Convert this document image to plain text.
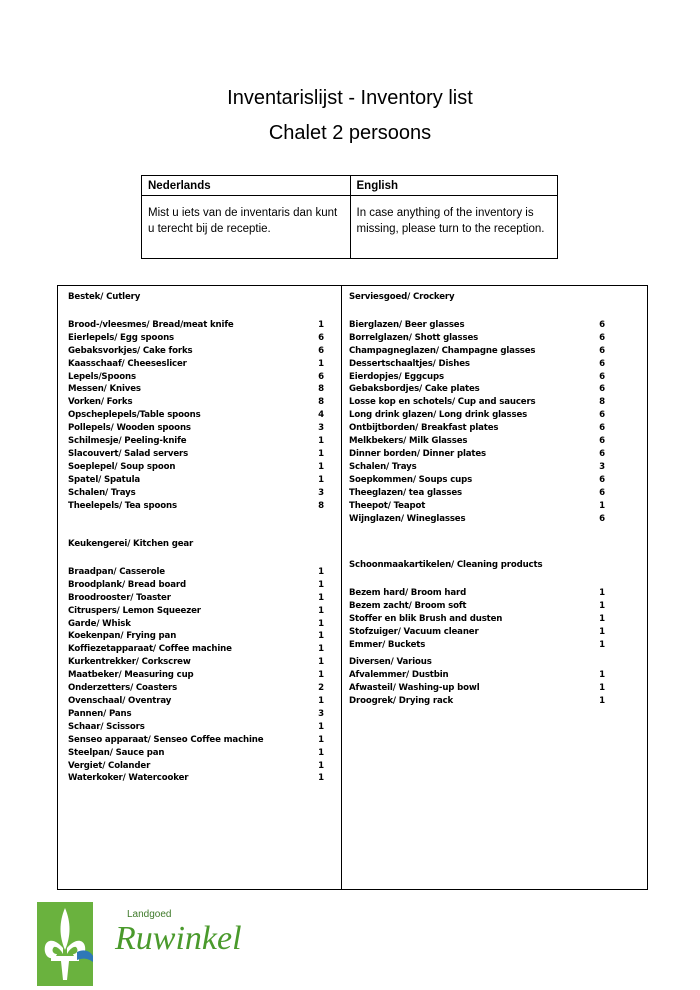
Inventarislijst - Inventory list
Chalet 2 persoons
Nederlands
Mist u iets van de inventaris dan kunt u terecht bij de receptie.
English
In case anything of the inventory is missing, please turn to the reception.
Bestek/ Cutlery
Brood-/vleesmes/ Bread/meat knife	1
Eierlepels/ Egg spoons	6
Gebaksvorkjes/ Cake forks	6
Kaasschaaf/ Cheeseslicer	1
Lepels/Spoons	6
Messen/ Knives	8
Vorken/ Forks	8
Opscheplepels/Table spoons	4
Pollepels/ Wooden spoons	3
Schilmesje/ Peeling-knife	1
Slacouvert/ Salad servers	1
Soeplepel/ Soup spoon	1
Spatel/ Spatula	1
Schalen/ Trays	3
Theelepels/ Tea spoons	8
Keukengerei/ Kitchen gear
Braadpan/ Casserole	1
Broodplank/ Bread board	1
Broodrooster/ Toaster	1
Citruspers/ Lemon Squeezer	1
Garde/ Whisk	1
Koekenpan/ Frying pan	1
Koffiezetapparaat/ Coffee machine	1
Kurkentrekker/ Corkscrew	1
Maatbeker/ Measuring cup	1
Onderzetters/ Coasters	2
Ovenschaal/ Oventray	1
Pannen/ Pans	3
Schaar/ Scissors	1
Senseo apparaat/ Senseo Coffee machine	1
Steelpan/ Sauce pan	1
Vergiet/ Colander	1
Waterkoker/ Watercooker	1
Serviesgoed/ Crockery
Bierglazen/ Beer glasses	6
Borrelglazen/ Shott glasses	6
Champagneglazen/ Champagne glasses	6
Dessertschaaltjes/ Dishes	6
Eierdopjes/ Eggcups	6
Gebaksbordjes/ Cake plates	6
Losse kop en schotels/ Cup and saucers	8
Long drink glazen/ Long drink glasses	6
Ontbijtborden/ Breakfast plates	6
Melkbekers/ Milk Glasses	6
Dinner borden/ Dinner plates	6
Schalen/ Trays	3
Soepkommen/ Soups cups	6
Theeglazen/ tea glasses	6
Theepot/ Teapot	1
Wijnglazen/ Wineglasses	6
Schoonmaakartikelen/ Cleaning products
Bezem hard/ Broom hard	1
Bezem zacht/ Broom soft	1
Stoffer en blik Brush and dusten	1
Stofzuiger/ Vacuum cleaner	1
Emmer/ Buckets	1
Diversen/ Various
Afvalemmer/ Dustbin	1
Afwasteil/ Washing-up bowl	1
Droogrek/ Drying rack	1
Landgoed
Ruwinkel
